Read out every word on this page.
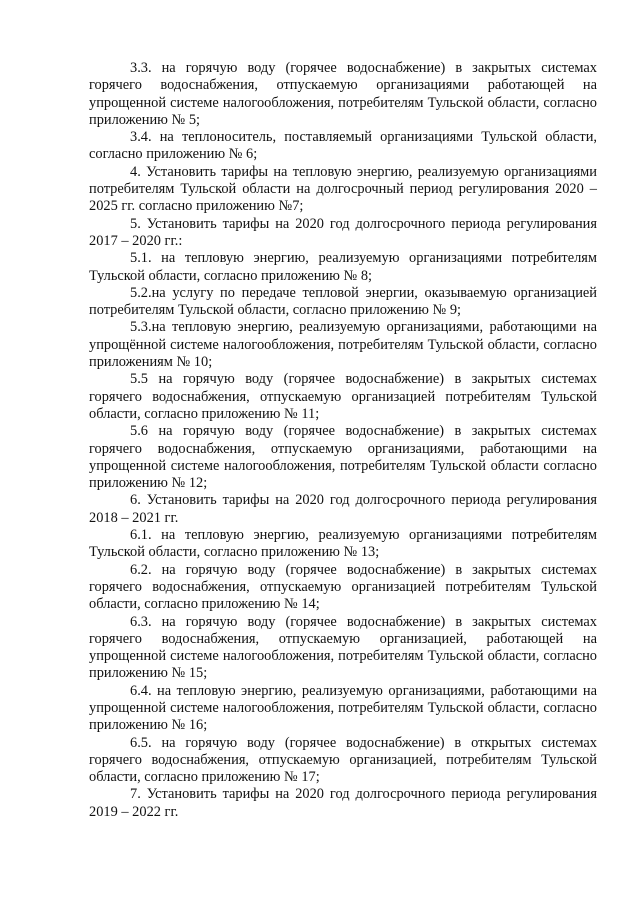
3.3. на горячую воду (горячее водоснабжение) в закрытых системах горячего водоснабжения, отпускаемую организациями работающей на упрощенной системе налогообложения, потребителям Тульской области, согласно приложению № 5;

3.4. на теплоноситель, поставляемый организациями Тульской области, согласно приложению № 6;

4. Установить тарифы на тепловую энергию, реализуемую организациями потребителям Тульской области на долгосрочный период регулирования 2020 – 2025 гг. согласно приложению №7;

5. Установить тарифы на 2020 год долгосрочного периода регулирования 2017 – 2020 гг.:

5.1. на тепловую энергию, реализуемую организациями потребителям Тульской области, согласно приложению № 8;

5.2.на услугу по передаче тепловой энергии, оказываемую организацией потребителям Тульской области, согласно приложению № 9;

5.3.на тепловую энергию, реализуемую организациями, работающими на упрощённой системе налогообложения, потребителям Тульской области, согласно приложениям № 10;

5.5 на горячую воду (горячее водоснабжение) в закрытых системах горячего водоснабжения, отпускаемую организацией потребителям Тульской области, согласно приложению № 11;

5.6 на горячую воду (горячее водоснабжение) в закрытых системах горячего водоснабжения, отпускаемую организациями, работающими на упрощенной системе налогообложения, потребителям Тульской области согласно приложению № 12;

6. Установить тарифы на 2020 год долгосрочного периода регулирования 2018 – 2021 гг.

6.1. на тепловую энергию, реализуемую организациями потребителям Тульской области, согласно приложению № 13;

6.2. на горячую воду (горячее водоснабжение) в закрытых системах горячего водоснабжения, отпускаемую организацией потребителям Тульской области, согласно приложению № 14;

6.3. на горячую воду (горячее водоснабжение) в закрытых системах горячего водоснабжения, отпускаемую организацией, работающей на упрощенной системе налогообложения, потребителям Тульской области, согласно приложению № 15;

6.4. на тепловую энергию, реализуемую организациями, работающими на упрощенной системе налогообложения, потребителям Тульской области, согласно приложению № 16;

6.5. на горячую воду (горячее водоснабжение) в открытых системах горячего водоснабжения, отпускаемую организацией, потребителям Тульской области, согласно приложению № 17;

7. Установить тарифы на 2020 год долгосрочного периода регулирования 2019 – 2022 гг.
